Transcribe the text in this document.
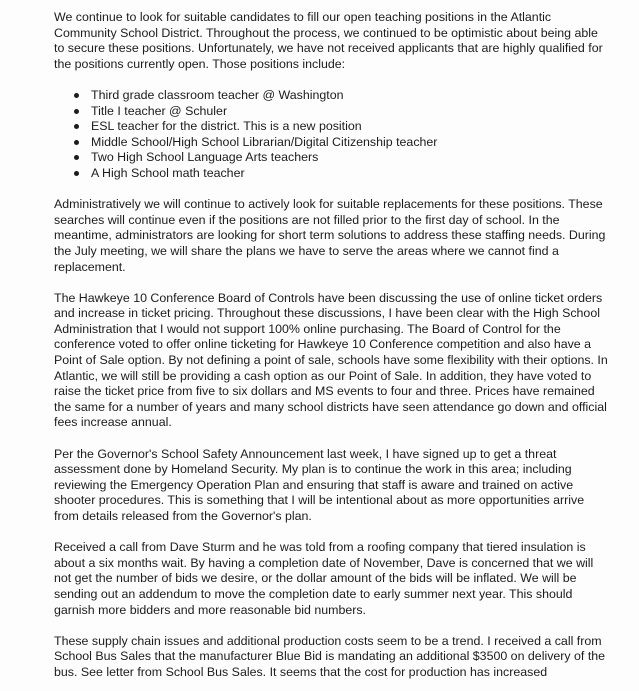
We continue to look for suitable candidates to fill our open teaching positions in the Atlantic Community School District. Throughout the process, we continued to be optimistic about being able to secure these positions. Unfortunately, we have not received applicants that are highly qualified for the positions currently open. Those positions include:

Third grade classroom teacher @ Washington
Title I teacher @ Schuler
ESL teacher for the district. This is a new position
Middle School/High School Librarian/Digital Citizenship teacher
Two High School Language Arts teachers
A High School math teacher

Administratively we will continue to actively look for suitable replacements for these positions. These searches will continue even if the positions are not filled prior to the first day of school. In the meantime, administrators are looking for short term solutions to address these staffing needs. During the July meeting, we will share the plans we have to serve the areas where we cannot find a replacement.

The Hawkeye 10 Conference Board of Controls have been discussing the use of online ticket orders and increase in ticket pricing. Throughout these discussions, I have been clear with the High School Administration that I would not support 100% online purchasing. The Board of Control for the conference voted to offer online ticketing for Hawkeye 10 Conference competition and also have a Point of Sale option. By not defining a point of sale, schools have some flexibility with their options. In Atlantic, we will still be providing a cash option as our Point of Sale. In addition, they have voted to raise the ticket price from five to six dollars and MS events to four and three. Prices have remained the same for a number of years and many school districts have seen attendance go down and official fees increase annual.

Per the Governor's School Safety Announcement last week, I have signed up to get a threat assessment done by Homeland Security. My plan is to continue the work in this area; including reviewing the Emergency Operation Plan and ensuring that staff is aware and trained on active shooter procedures. This is something that I will be intentional about as more opportunities arrive from details released from the Governor's plan.

Received a call from Dave Sturm and he was told from a roofing company that tiered insulation is about a six months wait. By having a completion date of November, Dave is concerned that we will not get the number of bids we desire, or the dollar amount of the bids will be inflated. We will be sending out an addendum to move the completion date to early summer next year. This should garnish more bidders and more reasonable bid numbers.

These supply chain issues and additional production costs seem to be a trend. I received a call from School Bus Sales that the manufacturer Blue Bid is mandating an additional $3500 on delivery of the bus. See letter from School Bus Sales. It seems that the cost for production has increased
